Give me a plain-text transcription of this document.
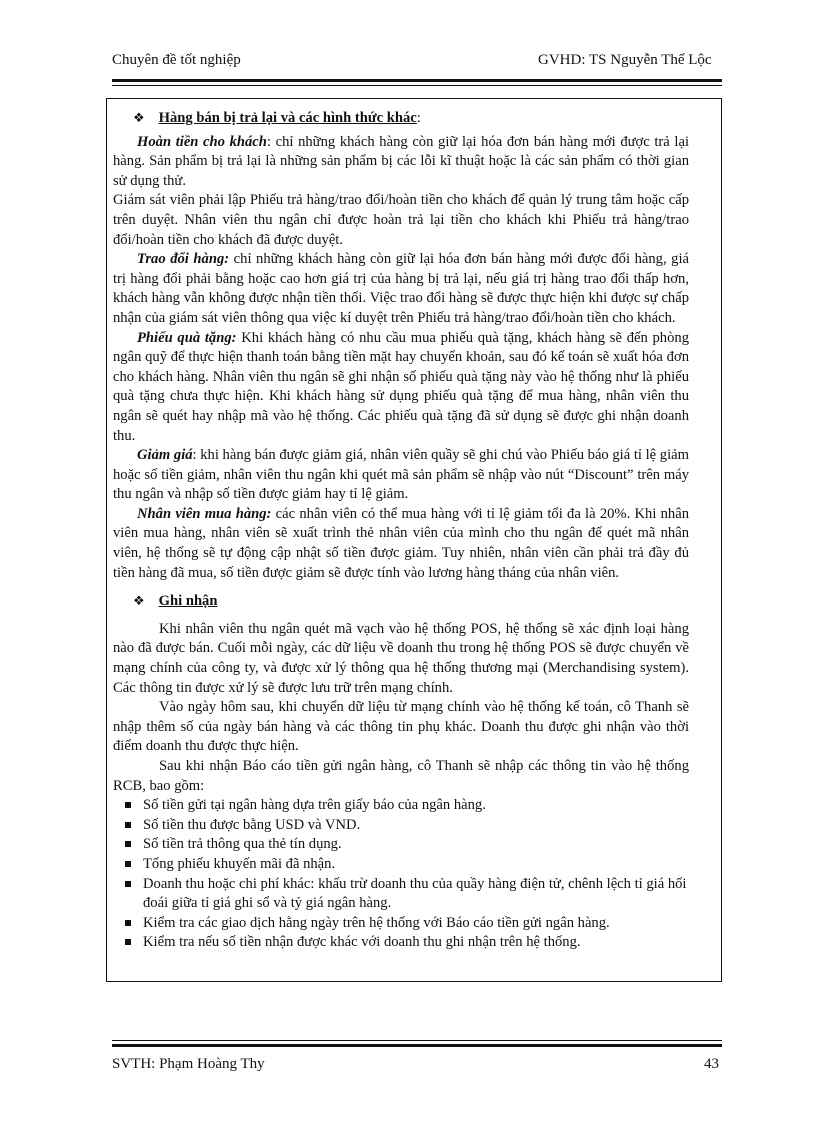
Chuyên đề tốt nghiệp	GVHD: TS Nguyễn Thế Lộc
❖ Hàng bán bị trả lại và các hình thức khác :

Hoàn tiền cho khách: chỉ những khách hàng còn giữ lại hóa đơn bán hàng mới được trả lại hàng. Sản phẩm bị trả lại là những sản phẩm bị các lỗi kĩ thuật hoặc là các sản phẩm có thời gian sử dụng thử.

Giám sát viên phải lập Phiếu trả hàng/trao đổi/hoàn tiền cho khách để quản lý trung tâm hoặc cấp trên duyệt. Nhân viên thu ngân chỉ được hoàn trả lại tiền cho khách khi Phiếu trả hàng/trao đổi/hoàn tiền cho khách đã được duyệt.

Trao đổi hàng: chỉ những khách hàng còn giữ lại hóa đơn bán hàng mới được đổi hàng, giá trị hàng đổi phải bằng hoặc cao hơn giá trị của hàng bị trả lại, nếu giá trị hàng trao đổi thấp hơn, khách hàng vẫn không được nhận tiền thối. Việc trao đổi hàng sẽ được thực hiện khi được sự chấp nhận của giám sát viên thông qua việc kí duyệt trên Phiếu trả hàng/trao đổi/hoàn tiền cho khách.

Phiếu quà tặng: Khi khách hàng có nhu cầu mua phiếu quà tặng, khách hàng sẽ đến phòng ngân quỹ để thực hiện thanh toán bằng tiền mặt hay chuyển khoản, sau đó kế toán sẽ xuất hóa đơn cho khách hàng. Nhân viên thu ngân sẽ ghi nhận số phiếu quà tặng này vào hệ thống như là phiếu quà tặng chưa thực hiện. Khi khách hàng sử dụng phiếu quà tặng để mua hàng, nhân viên thu ngân sẽ quét hay nhập mã vào hệ thống. Các phiếu quà tặng đã sử dụng sẽ được ghi nhận doanh thu.

Giảm giá: khi hàng bán được giảm giá, nhân viên quầy sẽ ghi chú vào Phiếu báo giá tỉ lệ giảm hoặc số tiền giảm, nhân viên thu ngân khi quét mã sản phẩm sẽ nhập vào nút “Discount” trên máy thu ngân và nhập số tiền được giảm hay tỉ lệ giảm.

Nhân viên mua hàng: các nhân viên có thể mua hàng với tỉ lệ giảm tối đa là 20%. Khi nhân viên mua hàng, nhân viên sẽ xuất trình thẻ nhân viên của mình cho thu ngân để quét mã nhân viên, hệ thống sẽ tự động cập nhật số tiền được giảm. Tuy nhiên, nhân viên cần phải trả đầy đủ tiền hàng đã mua, số tiền được giảm sẽ được tính vào lương hàng tháng của nhân viên.

❖ Ghi nhận

Khi nhân viên thu ngân quét mã vạch vào hệ thống POS, hệ thống sẽ xác định loại hàng nào đã được bán. Cuối mỗi ngày, các dữ liệu về doanh thu trong hệ thống POS sẽ được chuyển về mạng chính của công ty, và được xử lý thông qua hệ thống thương mại (Merchandising system). Các thông tin được xử lý sẽ được lưu trữ trên mạng chính.

Vào ngày hôm sau, khi chuyển dữ liệu từ mạng chính vào hệ thống kế toán, cô Thanh sẽ nhập thêm số của ngày bán hàng và các thông tin phụ khác. Doanh thu được ghi nhận vào thời điểm doanh thu được thực hiện.

Sau khi nhận Báo cáo tiền gửi ngân hàng, cô Thanh sẽ nhập các thông tin vào hệ thống RCB, bao gồm:

Số tiền gửi tại ngân hàng dựa trên giấy báo của ngân hàng.
Số tiền thu được bằng USD và VND.
Số tiền trả thông qua thẻ tín dụng.
Tổng phiếu khuyến mãi đã nhận.
Doanh thu hoặc chi phí khác: khấu trừ doanh thu của quầy hàng điện tử, chênh lệch tỉ giá hối đoái giữa tỉ giá ghi sổ và tỷ giá ngân hàng.
Kiểm tra các giao dịch hằng ngày trên hệ thống với Báo cáo tiền gửi ngân hàng.
Kiểm tra nếu số tiền nhận được khác với doanh thu ghi nhận trên hệ thống.
SVTH: Phạm Hoàng Thy	43
